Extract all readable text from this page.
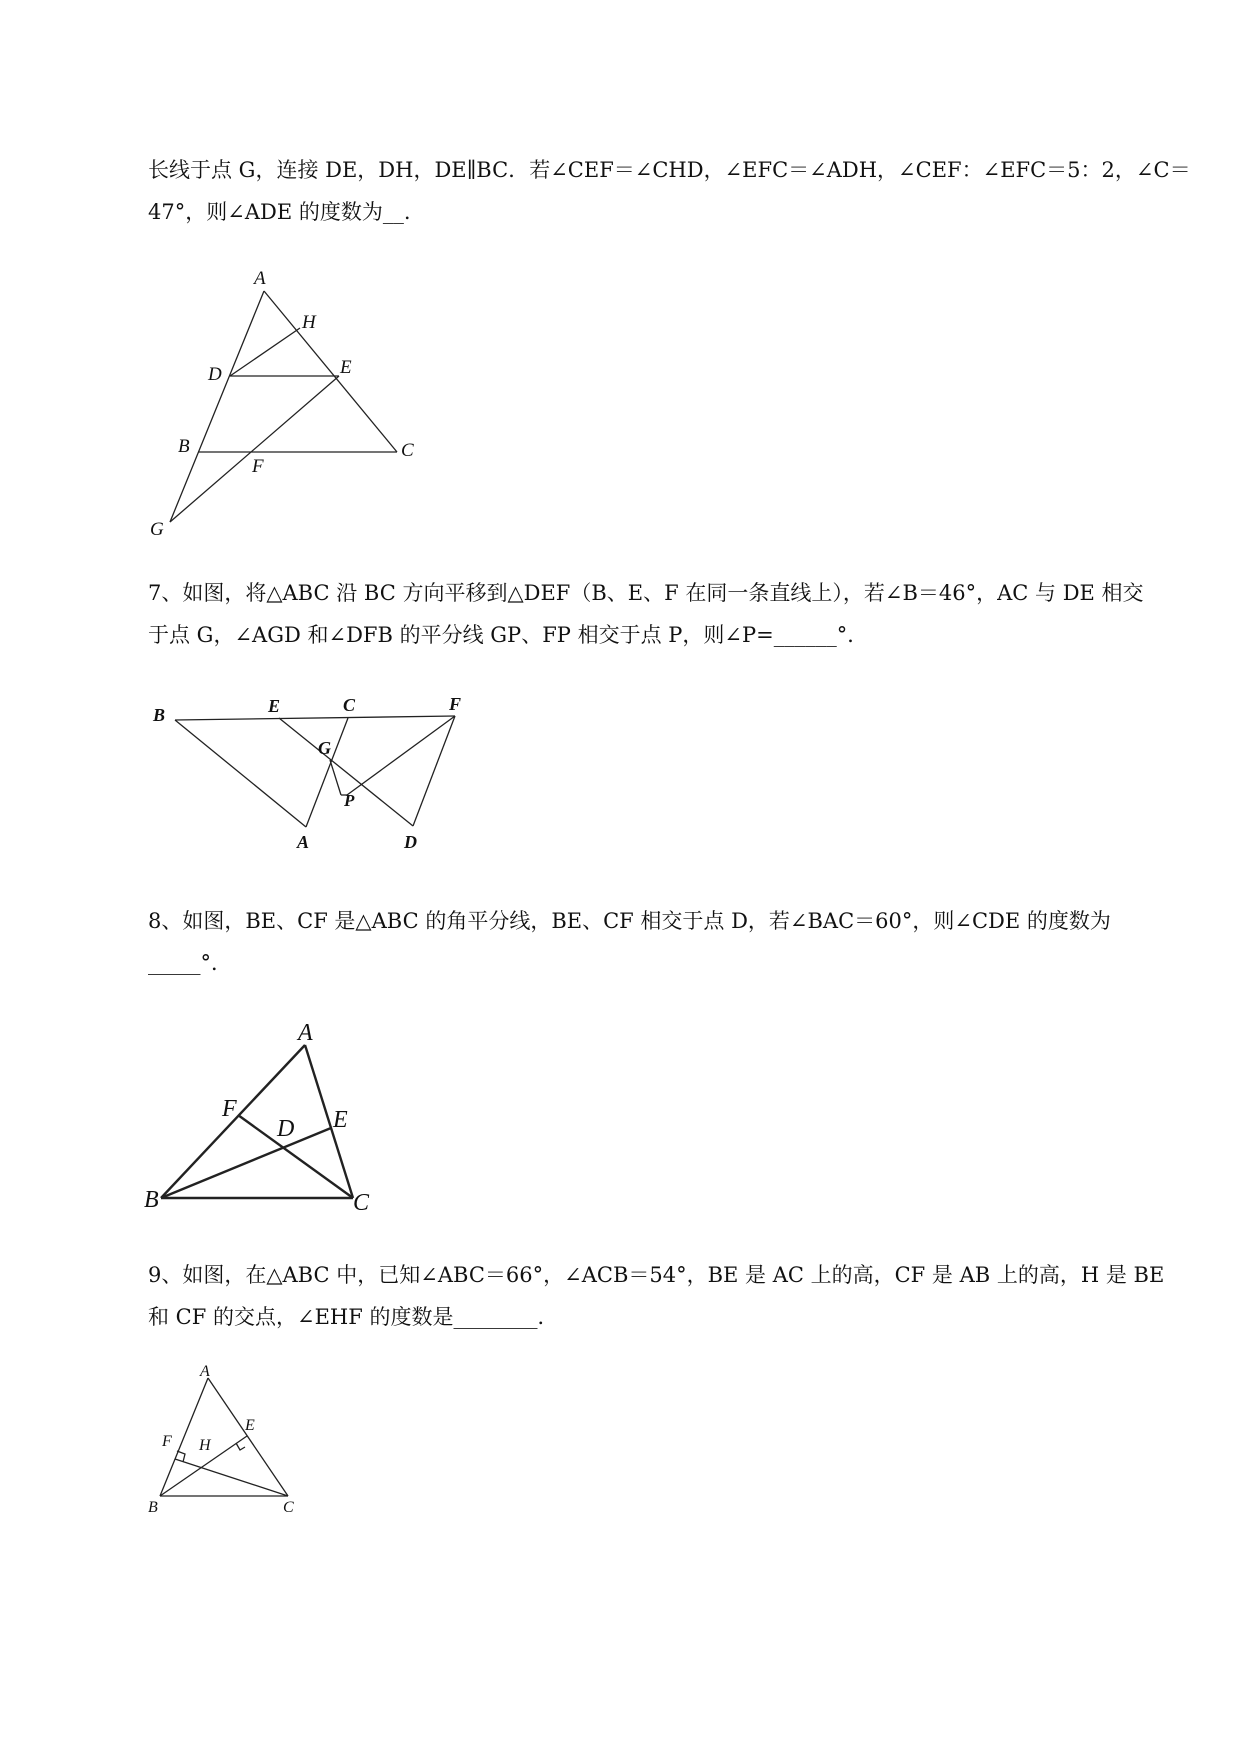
长线于点 G，连接 DE，DH，DE∥BC．若∠CEF＝∠CHD，∠EFC＝∠ADH，∠CEF：∠EFC＝5：2，∠C＝
47°，则∠ADE 的度数为__.
A
H
D	E
B
F
C
G
7、如图，将△ABC 沿 BC 方向平移到△DEF（B、E、F 在同一条直线上），若∠B＝46°，AC 与 DE 相交
于点 G，∠AGD 和∠DFB 的平分线 GP、FP 相交于点 P，则∠P=______°．
B	E	C	F
G
P
A	D
8、如图，BE、CF 是△ABC 的角平分线，BE、CF 相交于点 D，若∠BAC＝60°，则∠CDE 的度数为
_____°．
A
F
D E
B	C
9、如图，在△ABC 中，已知∠ABC＝66°，∠ACB＝54°，BE 是 AC 上的高，CF 是 AB 上的高，H 是 BE
和 CF 的交点，∠EHF 的度数是________．
A
E
F H
B	C
